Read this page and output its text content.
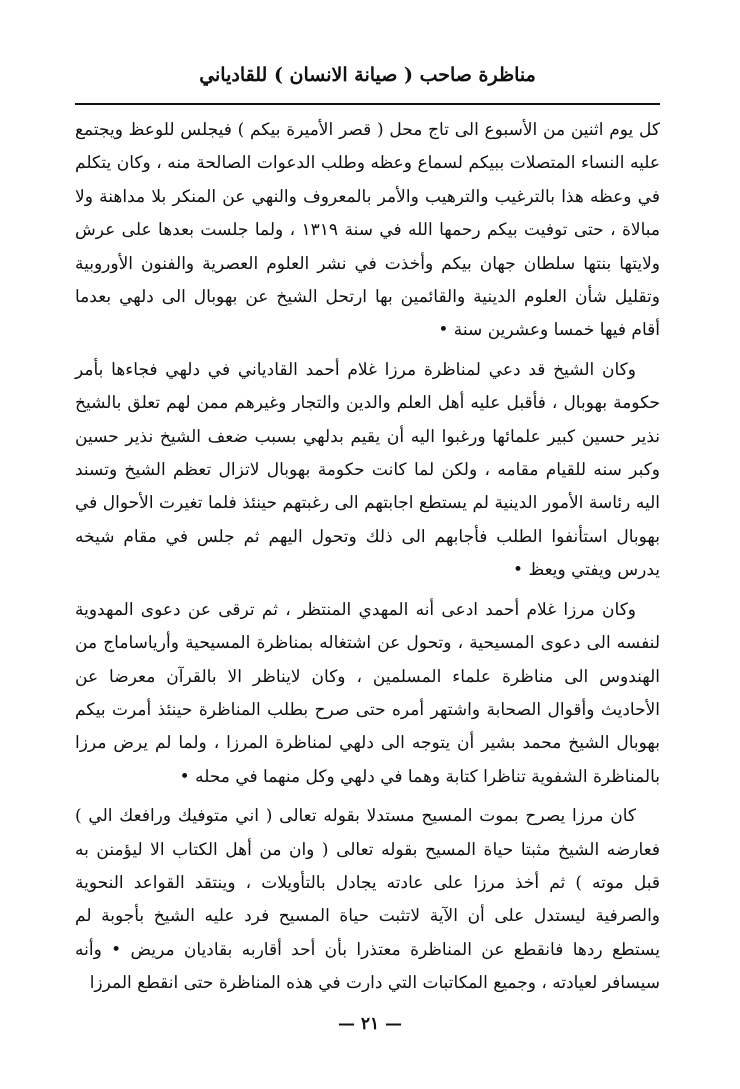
مناظرة صاحب ( صيانة الانسان ) للقادياني

كل يوم اثنين من الأسبوع الى تاج محل ( قصر الأميرة بيكم ) فيجلس للوعظ ويجتمع عليه النساء المتصلات ببيكم لسماع وعظه وطلب الدعوات الصالحة منه ، وكان يتكلم في وعظه هذا بالترغيب والترهيب والأمر بالمعروف والنهي عن المنكر بلا مداهنة ولا مبالاة ، حتى توفيت بيكم رحمها الله في سنة ١٣١٩ ، ولما جلست بعدها على عرش ولايتها بنتها سلطان جهان بيكم وأخذت في نشر العلوم العصرية والفنون الأوروبية وتقليل شأن العلوم الدينية والقائمين بها ارتحل الشيخ عن بهوبال الى دلهي بعدما أقام فيها خمسا وعشرين سنة •

وكان الشيخ قد دعي لمناظرة مرزا غلام أحمد القادياني في دلهي فجاءها بأمر حكومة بهوبال ، فأقبل عليه أهل العلم والدين والتجار وغيرهم ممن لهم تعلق بالشيخ نذير حسين كبير علمائها ورغبوا اليه أن يقيم بدلهي بسبب ضعف الشيخ نذير حسين وكبر سنه للقيام مقامه ، ولكن لما كانت حكومة بهوبال لاتزال تعظم الشيخ وتسند اليه رئاسة الأمور الدينية لم يستطع اجابتهم الى رغبتهم حينئذ فلما تغيرت الأحوال في بهوبال استأنفوا الطلب فأجابهم الى ذلك وتحول اليهم ثم جلس في مقام شيخه يدرس ويفتي ويعظ •

وكان مرزا غلام أحمد ادعى أنه المهدي المنتظر ، ثم ترقى عن دعوى المهدوية لنفسه الى دعوى المسيحية ، وتحول عن اشتغاله بمناظرة المسيحية وأرياساماج من الهندوس الى مناظرة علماء المسلمين ، وكان لايناظر الا بالقرآن معرضا عن الأحاديث وأقوال الصحابة واشتهر أمره حتى صرح بطلب المناظرة حينئذ أمرت بيكم بهوبال الشيخ محمد بشير أن يتوجه الى دلهي لمناظرة المرزا ، ولما لم يرض مرزا بالمناظرة الشفوية تناظرا كتابة وهما في دلهي وكل منهما في محله •

كان مرزا يصرح بموت المسيح مستدلا بقوله تعالى ( اني متوفيك ورافعك الي ) فعارضه الشيخ مثبتا حياة المسيح بقوله تعالى ( وان من أهل الكتاب الا ليؤمنن به قبل موته ) ثم أخذ مرزا على عادته يجادل بالتأويلات ، وينتقد القواعد النحوية والصرفية ليستدل على أن الآية لاتثبت حياة المسيح فرد عليه الشيخ بأجوبة لم يستطع ردها فانقطع عن المناظرة معتذرا بأن أحد أقاربه بقاديان مريض • وأنه سيسافر لعيادته ، وجميع المكاتبات التي دارت في هذه المناظرة حتى انقطع المرزا

— ٢١ —
